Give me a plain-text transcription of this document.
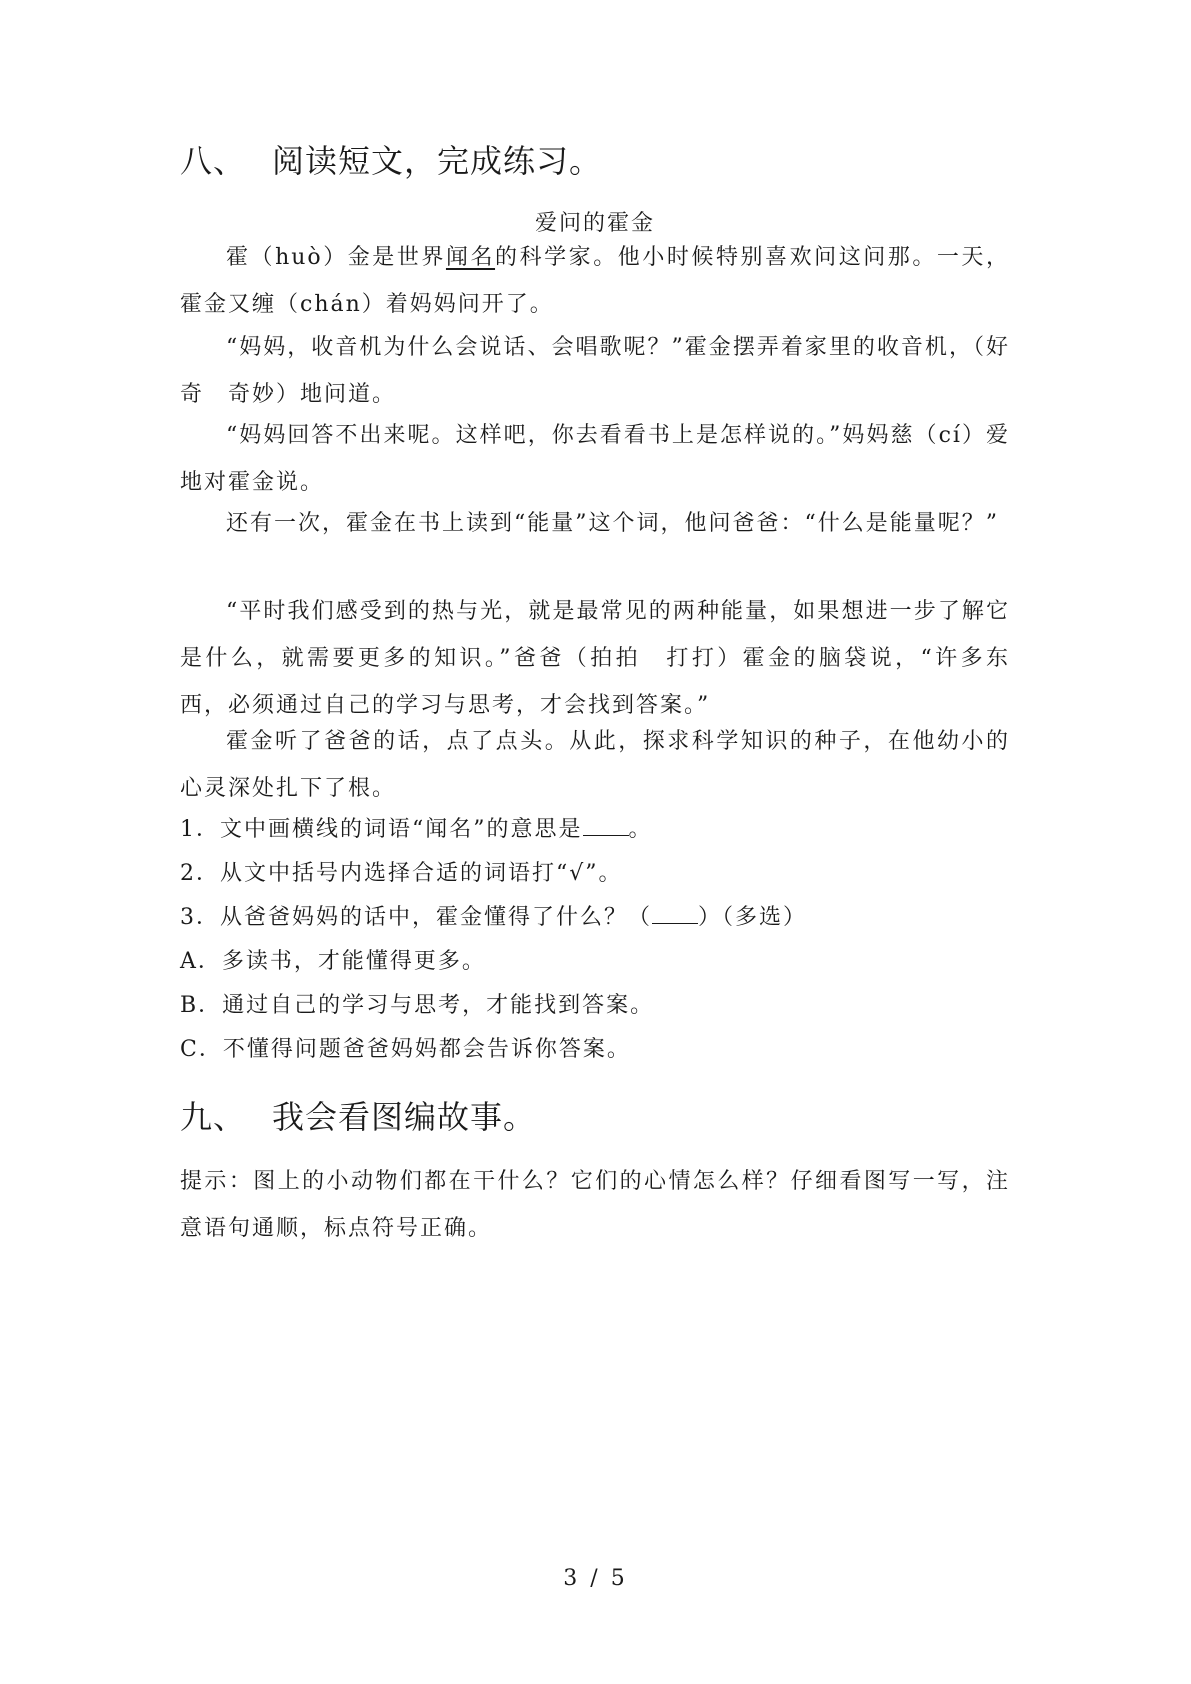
八、 阅读短文，完成练习。
爱问的霍金
霍（huò）金是世界闻名的科学家。他小时候特别喜欢问这问那。一天，霍金又缠（chán）着妈妈问开了。
“妈妈，收音机为什么会说话、会唱歌呢？”霍金摆弄着家里的收音机，（好奇 奇妙）地问道。
“妈妈回答不出来呢。这样吧，你去看看书上是怎样说的。”妈妈慈（cí）爱地对霍金说。
还有一次，霍金在书上读到“能量”这个词，他问爸爸：“什么是能量呢？”
“平时我们感受到的热与光，就是最常见的两种能量，如果想进一步了解它是什么，就需要更多的知识。”爸爸（拍拍 打打）霍金的脑袋说，“许多东西，必须通过自己的学习与思考，才会找到答案。”
霍金听了爸爸的话，点了点头。从此，探求科学知识的种子，在他幼小的心灵深处扎下了根。
1．文中画横线的词语“闻名”的意思是 。
2．从文中括号内选择合适的词语打“√”。
3．从爸爸妈妈的话中，霍金懂得了什么？（ ）（多选）
A．多读书，才能懂得更多。
B．通过自己的学习与思考，才能找到答案。
C．不懂得问题爸爸妈妈都会告诉你答案。
九、 我会看图编故事。
提示：图上的小动物们都在干什么？它们的心情怎么样？仔细看图写一写，注意语句通顺，标点符号正确。
3 / 5
